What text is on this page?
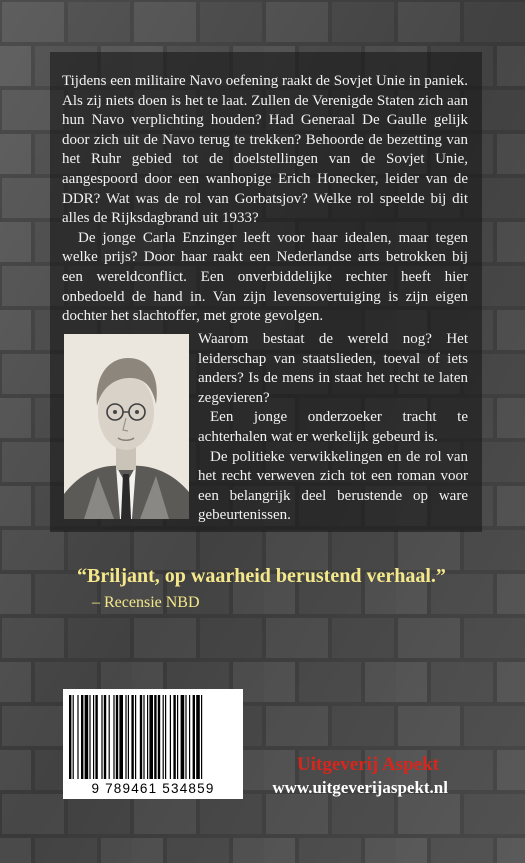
Tijdens een militaire Navo oefening raakt de Sovjet Unie in paniek. Als zij niets doen is het te laat. Zullen de Verenigde Staten zich aan hun Navo verplichting houden? Had Generaal De Gaulle gelijk door zich uit de Navo terug te trekken? Behoorde de bezetting van het Ruhr gebied tot de doelstellingen van de Sovjet Unie, aangespoord door een wanhopige Erich Honecker, leider van de DDR? Wat was de rol van Gorbatsjov? Welke rol speelde bij dit alles de Rijksdagbrand uit 1933?

De jonge Carla Enzinger leeft voor haar idealen, maar tegen welke prijs? Door haar raakt een Nederlandse arts betrokken bij een wereldconflict. Een onverbiddelijke rechter heeft hier onbedoeld de hand in. Van zijn levensovertuiging is zijn eigen dochter het slachtoffer, met grote gevolgen.

Waarom bestaat de wereld nog? Het leiderschap van staatslieden, toeval of iets anders? Is de mens in staat het recht te laten zegevieren?

Een jonge onderzoeker tracht te achterhalen wat er werkelijk gebeurd is.

De politieke verwikkelingen en de rol van het recht verweven zich tot een roman voor een belangrijk deel berustende op ware gebeurtenissen.

“Briljant, op waarheid berustend verhaal.”
– Recensie NBD
9 789461 534859
Uitgeverij Aspekt
www.uitgeverijaspekt.nl
